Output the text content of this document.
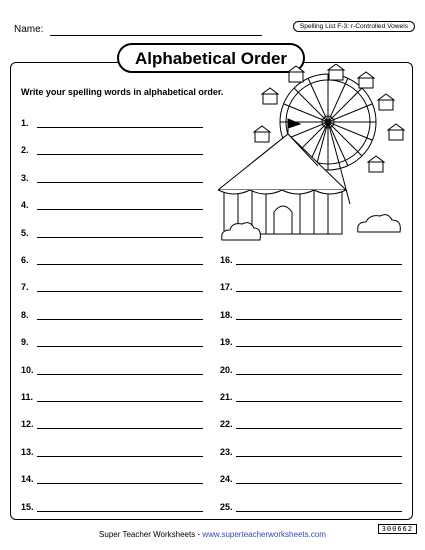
Name:	Spelling List F-3: r-Controlled Vowels
Alphabetical Order
Write your spelling words in alphabetical order.
1.
2.
3.
4.
5.
6.
7.
8.
9.
10.
11.
12.
13.
14.
15.
16.
17.
18.
19.
20.
21.
22.
23.
24.
25.
Super Teacher Worksheets - www.superteacherworksheets.com
300662
